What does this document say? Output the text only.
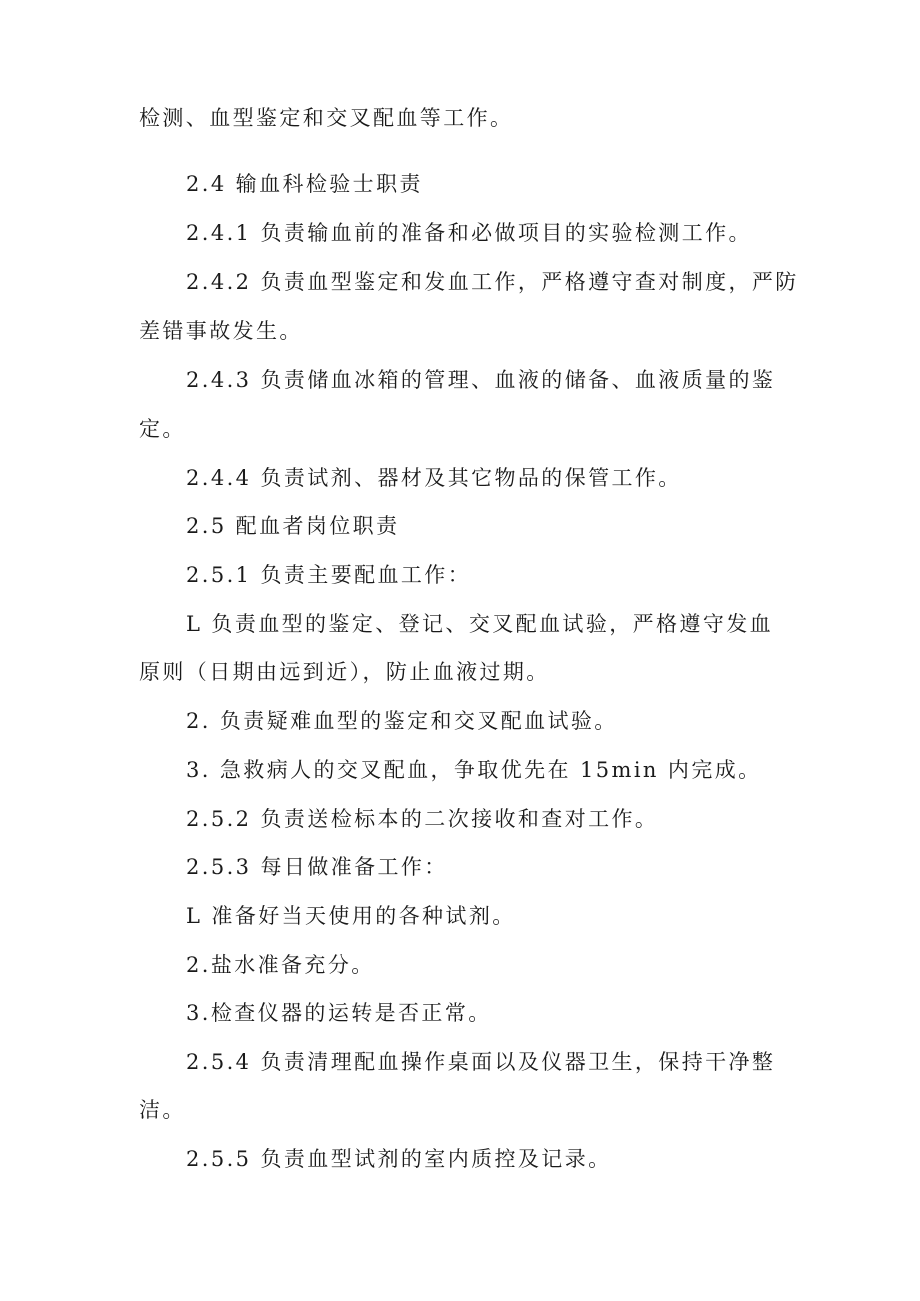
检测、血型鉴定和交叉配血等工作。

2.4 输血科检验士职责

2.4.1 负责输血前的准备和必做项目的实验检测工作。

2.4.2 负责血型鉴定和发血工作，严格遵守查对制度，严防

差错事故发生。

2.4.3 负责储血冰箱的管理、血液的储备、血液质量的鉴

定。

2.4.4 负责试剂、器材及其它物品的保管工作。

2.5 配血者岗位职责

2.5.1 负责主要配血工作：

L 负责血型的鉴定、登记、交叉配血试验，严格遵守发血

原则（日期由远到近），防止血液过期。

2. 负责疑难血型的鉴定和交叉配血试验。

3. 急救病人的交叉配血，争取优先在 15min 内完成。

2.5.2 负责送检标本的二次接收和查对工作。

2.5.3 每日做准备工作：

L 准备好当天使用的各种试剂。

2.盐水准备充分。

3.检查仪器的运转是否正常。

2.5.4 负责清理配血操作桌面以及仪器卫生，保持干净整

洁。

2.5.5 负责血型试剂的室内质控及记录。
